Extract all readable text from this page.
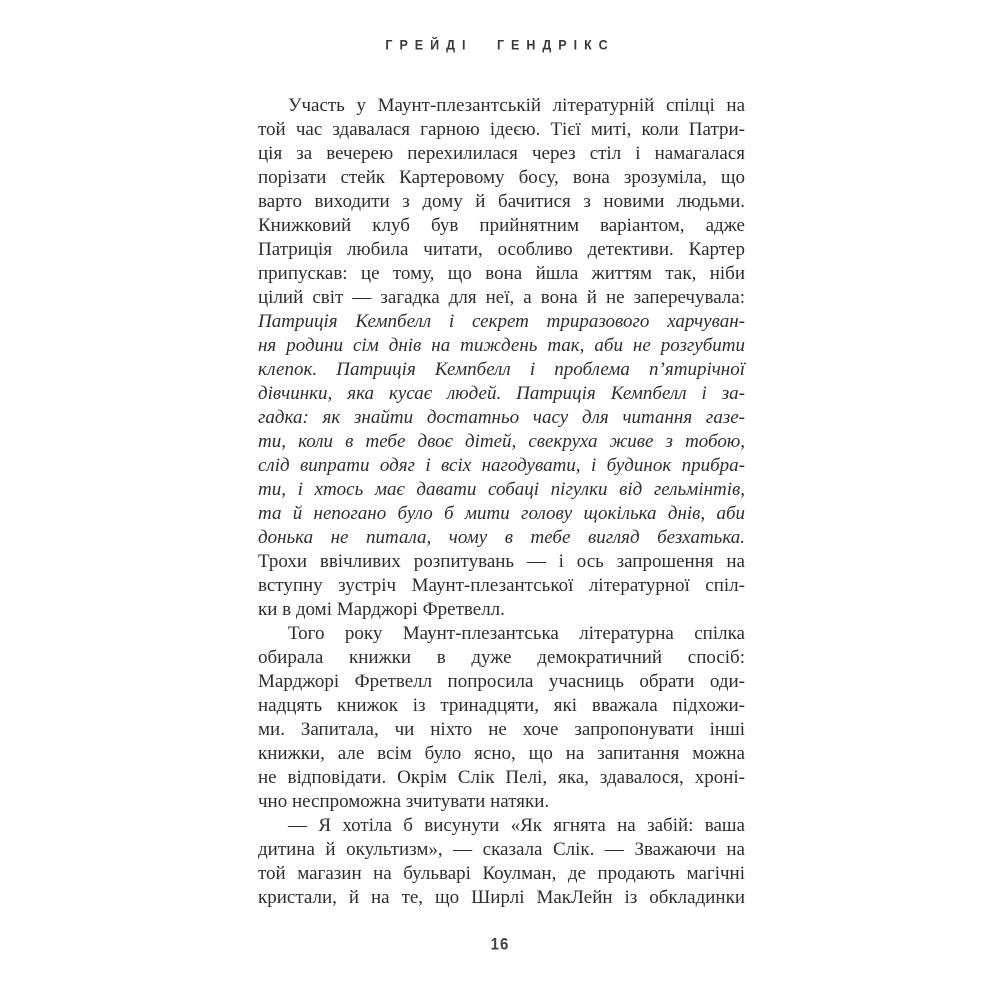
ГРЕЙДІ ГЕНДРІКС
Участь у Маунт-плезантській літературній спілці на
той час здавалася гарною ідеєю. Тієї миті, коли Патри-
ція за вечерею перехилилася через стіл і намагалася
порізати стейк Картеровому босу, вона зрозуміла, що
варто виходити з дому й бачитися з новими людьми.
Книжковий клуб був прийнятним варіантом, адже
Патриція любила читати, особливо детективи. Картер
припускав: це тому, що вона йшла життям так, ніби
цілий світ — загадка для неї, а вона й не заперечувала:
Патриція Кемпбелл і секрет триразового харчуван-
ня родини сім днів на тиждень так, аби не розгубити
клепок. Патриція Кемпбелл і проблема п’ятирічної
дівчинки, яка кусає людей. Патриція Кемпбелл і за-
гадка: як знайти достатньо часу для читання газе-
ти, коли в тебе двоє дітей, свекруха живе з тобою,
слід випрати одяг і всіх нагодувати, і будинок прибра-
ти, і хтось має давати собаці пігулки від гельмінтів,
та й непогано було б мити голову щокілька днів, аби
донька не питала, чому в тебе вигляд безхатька.
Трохи ввічливих розпитувань — і ось запрошення на
вступну зустріч Маунт-плезантської літературної спіл-
ки в домі Марджорі Фретвелл.
Того року Маунт-плезантська літературна спілка
обирала книжки в дуже демократичний спосіб:
Марджорі Фретвелл попросила учасниць обрати оди-
надцять книжок із тринадцяти, які вважала підхожи-
ми. Запитала, чи ніхто не хоче запропонувати інші
книжки, але всім було ясно, що на запитання можна
не відповідати. Окрім Слік Пелі, яка, здавалося, хроні-
чно неспроможна зчитувати натяки.
— Я хотіла б висунути «Як ягнята на забій: ваша
дитина й окультизм», — сказала Слік. — Зважаючи на
той магазин на бульварі Коулман, де продають магічні
кристали, й на те, що Ширлі МакЛейн із обкладинки
16
